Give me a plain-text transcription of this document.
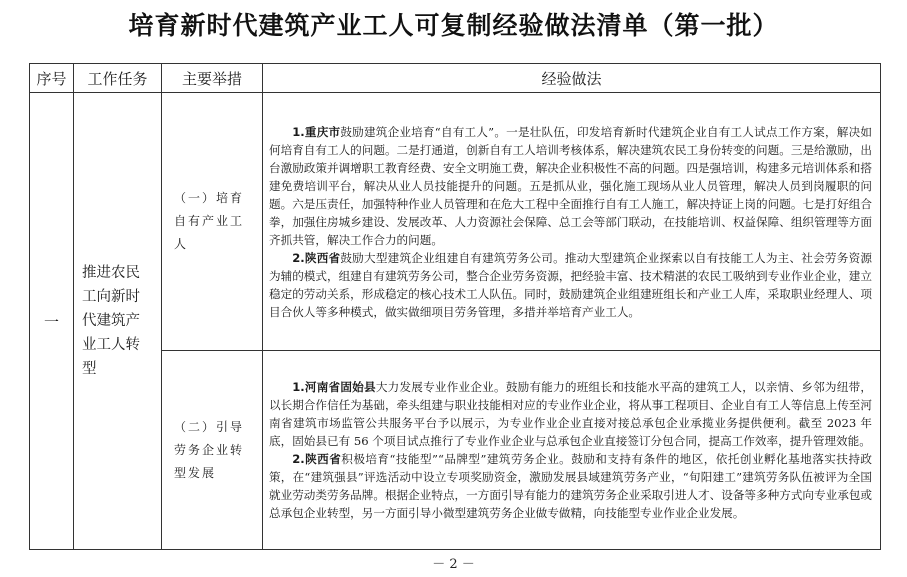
培育新时代建筑产业工人可复制经验做法清单（第一批）
序号	工作任务	主要举措	经验做法
一	推进农民工向新时代建筑产业工人转型	（一）培育自有产业工人	1.重庆市鼓励建筑企业培育“自有工人”。一是壮队伍，印发培育新时代建筑企业自有工人试点工作方案，解决如何培育自有工人的问题。二是打通道，创新自有工人培训考核体系，解决建筑农民工身份转变的问题。三是给激励，出台激励政策并调增职工教育经费、安全文明施工费，解决企业积极性不高的问题。四是强培训，构建多元培训体系和搭建免费培训平台，解决从业人员技能提升的问题。五是抓从业，强化施工现场从业人员管理，解决人员到岗履职的问题。六是压责任，加强特种作业人员管理和在危大工程中全面推行自有工人施工，解决持证上岗的问题。七是打好组合拳，加强住房城乡建设、发展改革、人力资源社会保障、总工会等部门联动，在技能培训、权益保障、组织管理等方面齐抓共管，解决工作合力的问题。

2.陕西省鼓励大型建筑企业组建自有建筑劳务公司。推动大型建筑企业探索以自有技能工人为主、社会劳务资源为辅的模式，组建自有建筑劳务公司，整合企业劳务资源，把经验丰富、技术精湛的农民工吸纳到专业作业企业，建立稳定的劳动关系，形成稳定的核心技术工人队伍。同时，鼓励建筑企业组建班组长和产业工人库，采取职业经理人、项目合伙人等多种模式，做实做细项目劳务管理，多措并举培育产业工人。

		（二）引导劳务企业转型发展	1.河南省固始县大力发展专业作业企业。鼓励有能力的班组长和技能水平高的建筑工人，以亲情、乡邻为纽带，以长期合作信任为基础，牵头组建与职业技能相对应的专业作业企业，将从事工程项目、企业自有工人等信息上传至河南省建筑市场监管公共服务平台予以展示，为专业作业企业直接对接总承包企业承揽业务提供便利。截至 2023 年底，固始县已有 56 个项目试点推行了专业作业企业与总承包企业直接签订分包合同，提高工作效率，提升管理效能。

2.陕西省积极培育“技能型”“品牌型”建筑劳务企业。鼓励和支持有条件的地区，依托创业孵化基地落实扶持政策，在“建筑强县”评选活动中设立专项奖励资金，激励发展县域建筑劳务产业，“旬阳建工”建筑劳务队伍被评为全国就业劳动类劳务品牌。根据企业特点，一方面引导有能力的建筑劳务企业采取引进人才、设备等多种方式向专业承包或总承包企业转型，另一方面引导小微型建筑劳务企业做专做精，向技能型专业作业企业发展。

－ 2 －
